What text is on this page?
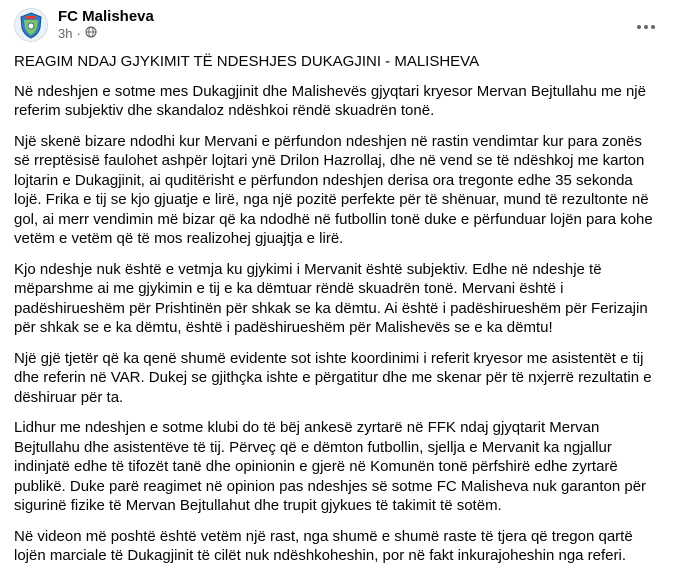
FC Malisheva
3h ·

REAGIM NDAJ GJYKIMIT TË NDESHJES DUKAGJINI - MALISHEVA

Në ndeshjen e sotme mes Dukagjinit dhe Malishevës gjyqtari kryesor Mervan Bejtullahu me një referim subjektiv dhe skandaloz ndëshkoi rëndë skuadrën tonë.

Një skenë bizare ndodhi kur Mervani e përfundon ndeshjen në rastin vendimtar kur para zonës së rreptësisë faulohet ashpër lojtari ynë Drilon Hazrollaj, dhe në vend se të ndëshkoj me karton lojtarin e Dukagjinit, ai quditërisht e përfundon ndeshjen derisa ora tregonte edhe 35 sekonda lojë. Frika e tij se kjo gjuatje e lirë, nga një pozitë perfekte për të shënuar, mund të rezultonte në gol, ai merr vendimin më bizar që ka ndodhë në futbollin tonë duke e përfunduar lojën para kohe vetëm e vetëm që të mos realizohej gjuajtja e lirë.

Kjo ndeshje nuk është e vetmja ku gjykimi i Mervanit është subjektiv. Edhe në ndeshje të mëparshme ai me gjykimin e tij e ka dëmtuar rëndë skuadrën tonë. Mervani është i padëshirueshëm për Prishtinën për shkak se ka dëmtu. Ai është i padëshirueshëm për Ferizajin për shkak se e ka dëmtu, është i padëshirueshëm për Malishevës se e ka dëmtu!

Një gjë tjetër që ka qenë shumë evidente sot ishte koordinimi i referit kryesor me asistentët e tij dhe referin në VAR. Dukej se gjithçka ishte e përgatitur dhe me skenar për të nxjerrë rezultatin e dëshiruar për ta.

Lidhur me ndeshjen e sotme klubi do të bëj ankesë zyrtarë në FFK ndaj gjyqtarit Mervan Bejtullahu dhe asistentëve të tij. Përveç që e dëmton futbollin, sjellja e Mervanit ka ngjallur indinjatë edhe të tifozët tanë dhe opinionin e gjerë në Komunën tonë përfshirë edhe zyrtarë publikë. Duke parë reagimet në opinion pas ndeshjes së sotme FC Malisheva nuk garanton për sigurinë fizike të Mervan Bejtullahut dhe trupit gjykues të takimit të sotëm.

Në videon më poshtë është vetëm një rast, nga shumë e shumë raste të tjera që tregon qartë lojën marciale të Dukagjinit të cilët nuk ndëshkoheshin, por në fakt inkurajoheshin nga referi.
